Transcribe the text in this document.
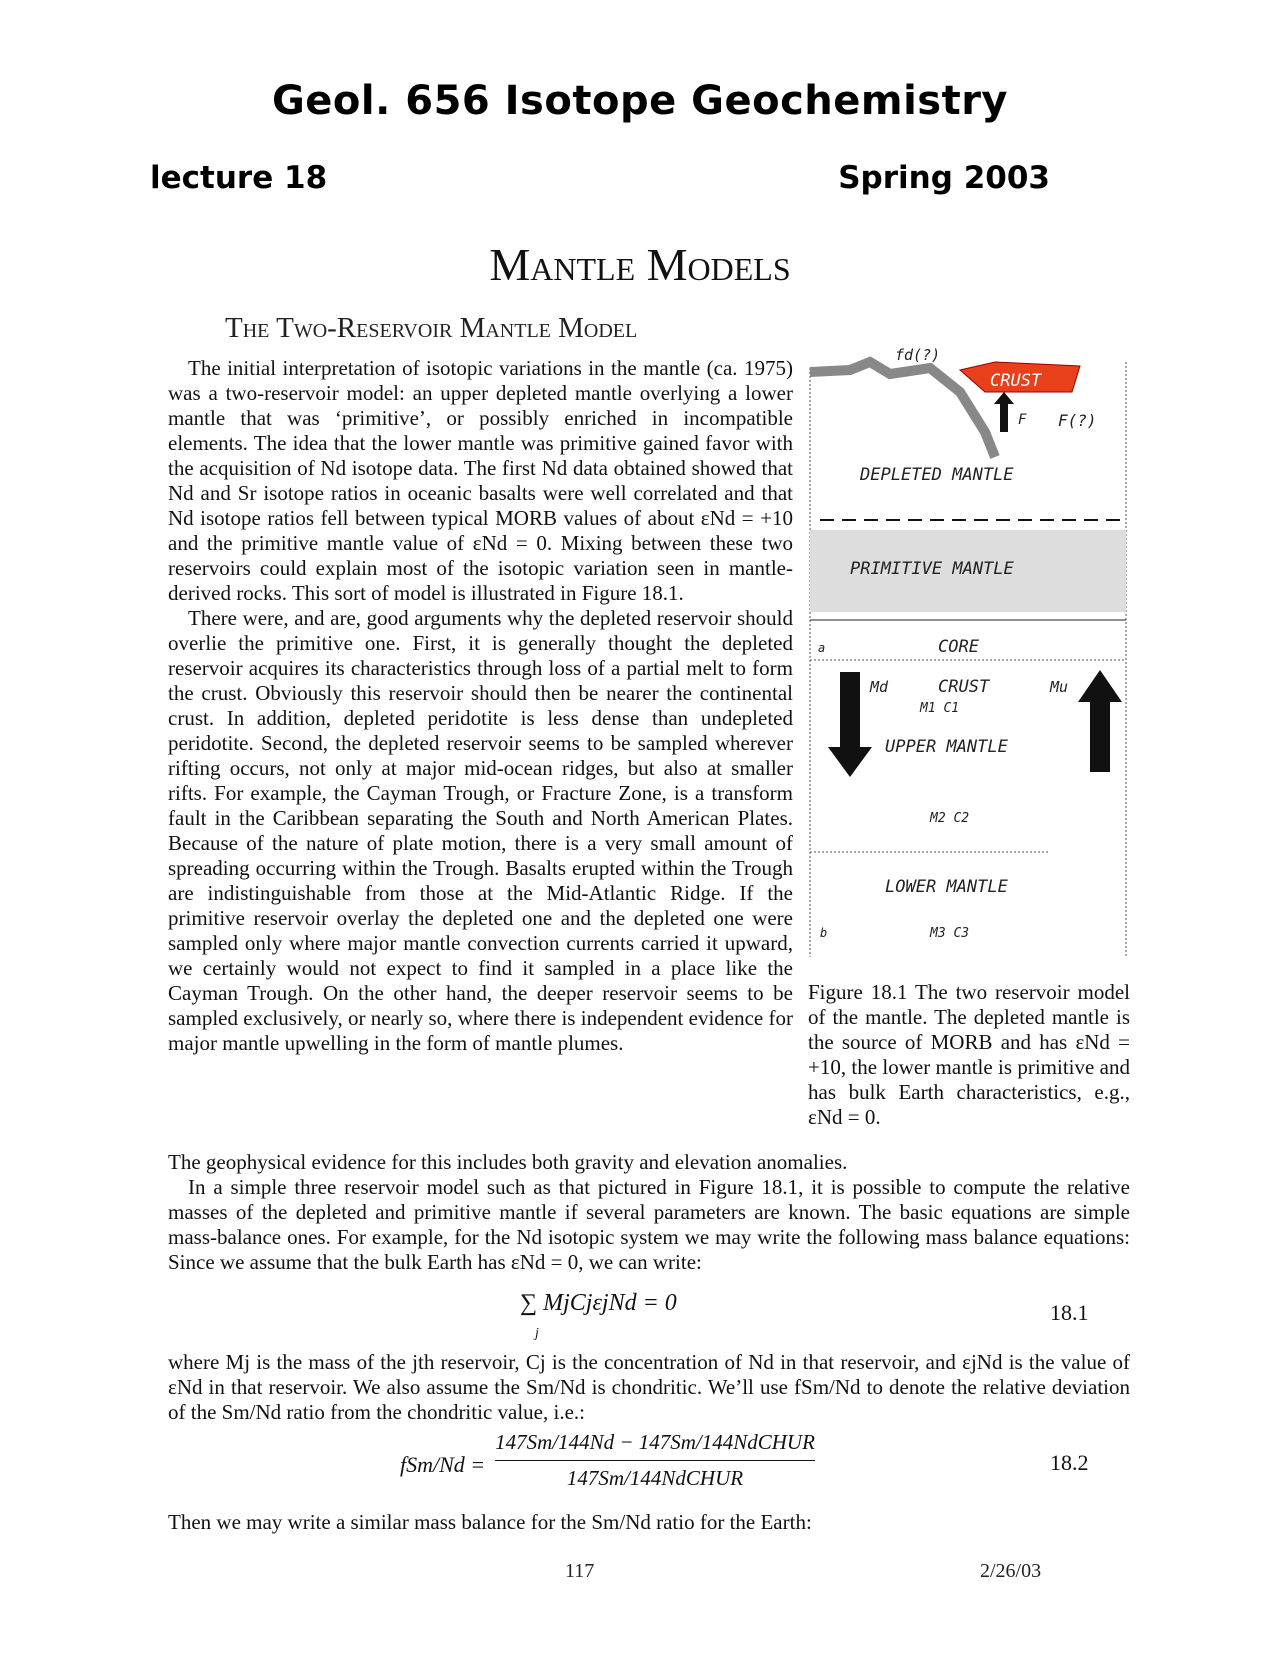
Geol. 656 Isotope Geochemistry
lecture 18	Spring 2003
Mantle Models
The Two-Reservoir Mantle Model

The initial interpretation of isotopic variations in the mantle (ca. 1975) was a two-reservoir model: an upper depleted mantle overlying a lower mantle that was ‘primitive’, or possibly enriched in incompatible elements. The idea that the lower mantle was primitive gained favor with the acquisition of Nd isotope data. The first Nd data obtained showed that Nd and Sr isotope ratios in oceanic basalts were well correlated and that Nd isotope ratios fell between typical MORB values of about εNd = +10 and the primitive mantle value of εNd = 0. Mixing between these two reservoirs could explain most of the isotopic variation seen in mantle-derived rocks. This sort of model is illustrated in Figure 18.1.

There were, and are, good arguments why the depleted reservoir should overlie the primitive one. First, it is generally thought the depleted reservoir acquires its characteristics through loss of a partial melt to form the crust. Obviously this reservoir should then be nearer the continental crust. In addition, depleted peridotite is less dense than undepleted peridotite. Second, the depleted reservoir seems to be sampled wherever rifting occurs, not only at major mid-ocean ridges, but also at smaller rifts. For example, the Cayman Trough, or Fracture Zone, is a transform fault in the Caribbean separating the South and North American Plates. Because of the nature of plate motion, there is a very small amount of spreading occurring within the Trough. Basalts erupted within the Trough are indistinguishable from those at the Mid-Atlantic Ridge. If the primitive reservoir overlay the depleted one and the depleted one were sampled only where major mantle convection currents carried it upward, we certainly would not expect to find it sampled in a place like the Cayman Trough. On the other hand, the deeper reservoir seems to be sampled exclusively, or nearly so, where there is independent evidence for major mantle upwelling in the form of mantle plumes.

CRUST
fd(?)
F F(?)
DEPLETED MANTLE
PRIMITIVE MANTLE
a	CORE
Md	CRUST	Mu
M1 C1
UPPER MANTLE
M2 C2
LOWER MANTLE
b	M3 C3
Figure 18.1 The two reservoir model of the mantle. The depleted mantle is the source of MORB and has εNd = +10, the lower mantle is primitive and has bulk Earth characteristics, e.g., εNd = 0.

The geophysical evidence for this includes both gravity and elevation anomalies.

In a simple three reservoir model such as that pictured in Figure 18.1, it is possible to compute the relative masses of the depleted and primitive mantle if several parameters are known. The basic equations are simple mass-balance ones. For example, for the Nd isotopic system we may write the following mass balance equations: Since we assume that the bulk Earth has εNd = 0, we can write:

∑ MjCjεjNd = 0
j
18.1

where Mj is the mass of the jth reservoir, Cj is the concentration of Nd in that reservoir, and εjNd is the value of εNd in that reservoir. We also assume the Sm/Nd is chondritic. We’ll use fSm/Nd to denote the relative deviation of the Sm/Nd ratio from the chondritic value, i.e.:

fSm/Nd =
147Sm/144Nd − 147Sm/144NdCHUR
147Sm/144NdCHUR
18.2

Then we may write a similar mass balance for the Sm/Nd ratio for the Earth:

117	2/26/03
